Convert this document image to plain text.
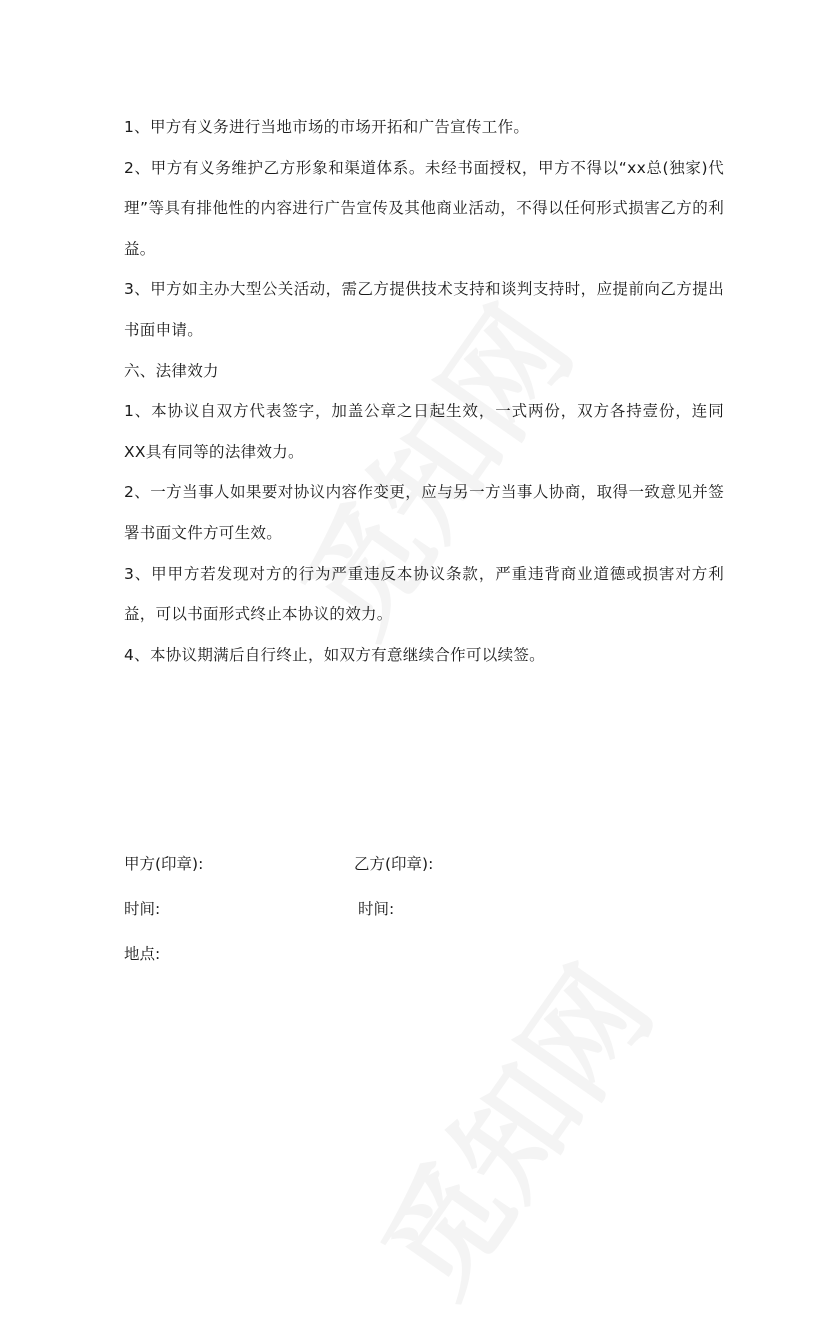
1、甲方有义务进行当地市场的市场开拓和广告宣传工作。

2、甲方有义务维护乙方形象和渠道体系。未经书面授权，甲方不得以“xx总(独家)代理”等具有排他性的内容进行广告宣传及其他商业活动，不得以任何形式损害乙方的利益。

3、甲方如主办大型公关活动，需乙方提供技术支持和谈判支持时，应提前向乙方提出书面申请。

六、法律效力

1、本协议自双方代表签字，加盖公章之日起生效，一式两份，双方各持壹份，连同XX具有同等的法律效力。

2、一方当事人如果要对协议内容作变更，应与另一方当事人协商，取得一致意见并签署书面文件方可生效。

3、甲甲方若发现对方的行为严重违反本协议条款，严重违背商业道德或损害对方利益，可以书面形式终止本协议的效力。

4、本协议期满后自行终止，如双方有意继续合作可以续签。

甲方(印章):	乙方(印章):
时间:	时间:
地点:
